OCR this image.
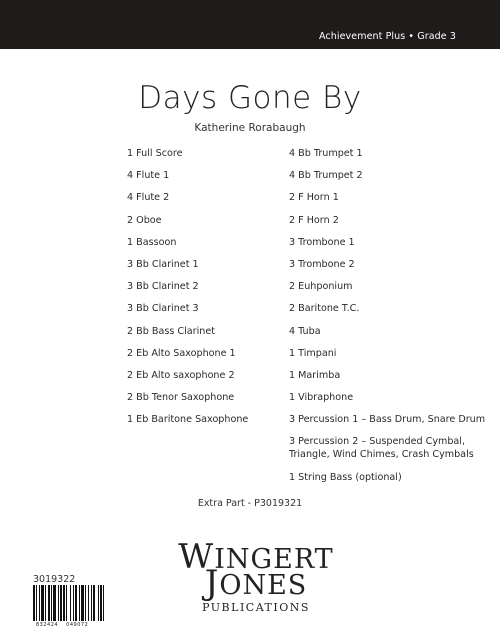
Achievement Plus • Grade 3
Days Gone By
Katherine Rorabaugh
1 Full Score
4 Flute 1
4 Flute 2
2 Oboe
1 Bassoon
3 Bb Clarinet 1
3 Bb Clarinet 2
3 Bb Clarinet 3
2 Bb Bass Clarinet
2 Eb Alto Saxophone 1
2 Eb Alto saxophone 2
2 Bb Tenor Saxophone
1 Eb Baritone Saxophone
4 Bb Trumpet 1
4 Bb Trumpet 2
2 F Horn 1
2 F Horn 2
3 Trombone 1
3 Trombone 2
2 Euhponium
2 Baritone T.C.
4 Tuba
1 Timpani
1 Marimba
1 Vibraphone
3 Percussion 1 – Bass Drum, Snare Drum
3 Percussion 2 – Suspended Cymbal, Triangle, Wind Chimes, Crash Cymbals
1 String Bass (optional)
Extra Part - P3019321
3019322
832424 049072
WINGERT
JONES
PUBLICATIONS
